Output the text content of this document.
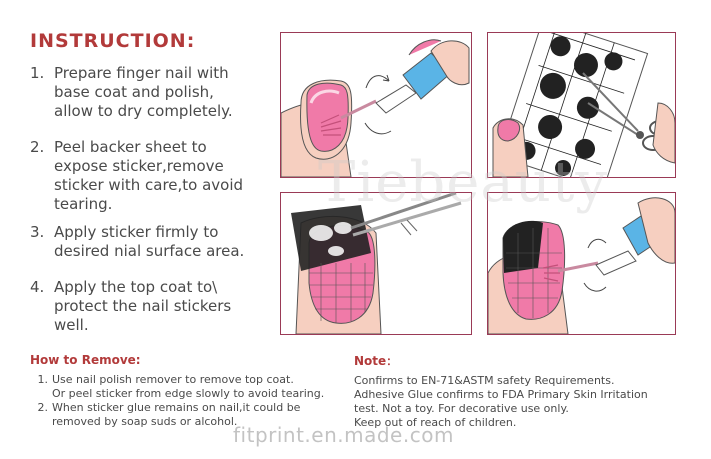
INSTRUCTION:
1. Prepare finger nail with
base coat and polish,
allow to dry completely.
2. Peel backer sheet to
expose sticker,remove
sticker with care,to avoid
tearing.
3. Apply sticker firmly to
desired nial surface area.
4. Apply the top coat to\
protect the nail stickers
well.
Tiebeauty
How to Remove:
1. Use nail polish remover to remove top coat.
Or peel sticker from edge slowly to avoid tearing.
2. When sticker glue remains on nail,it could be
removed by soap suds or alcohol.
Note：
Confirms to EN-71&ASTM safety Requirements.
Adhesive Glue confirms to FDA Primary Skin Irritation
test. Not a toy. For decorative use only.
Keep out of reach of children.
fitprint.en.made.com
